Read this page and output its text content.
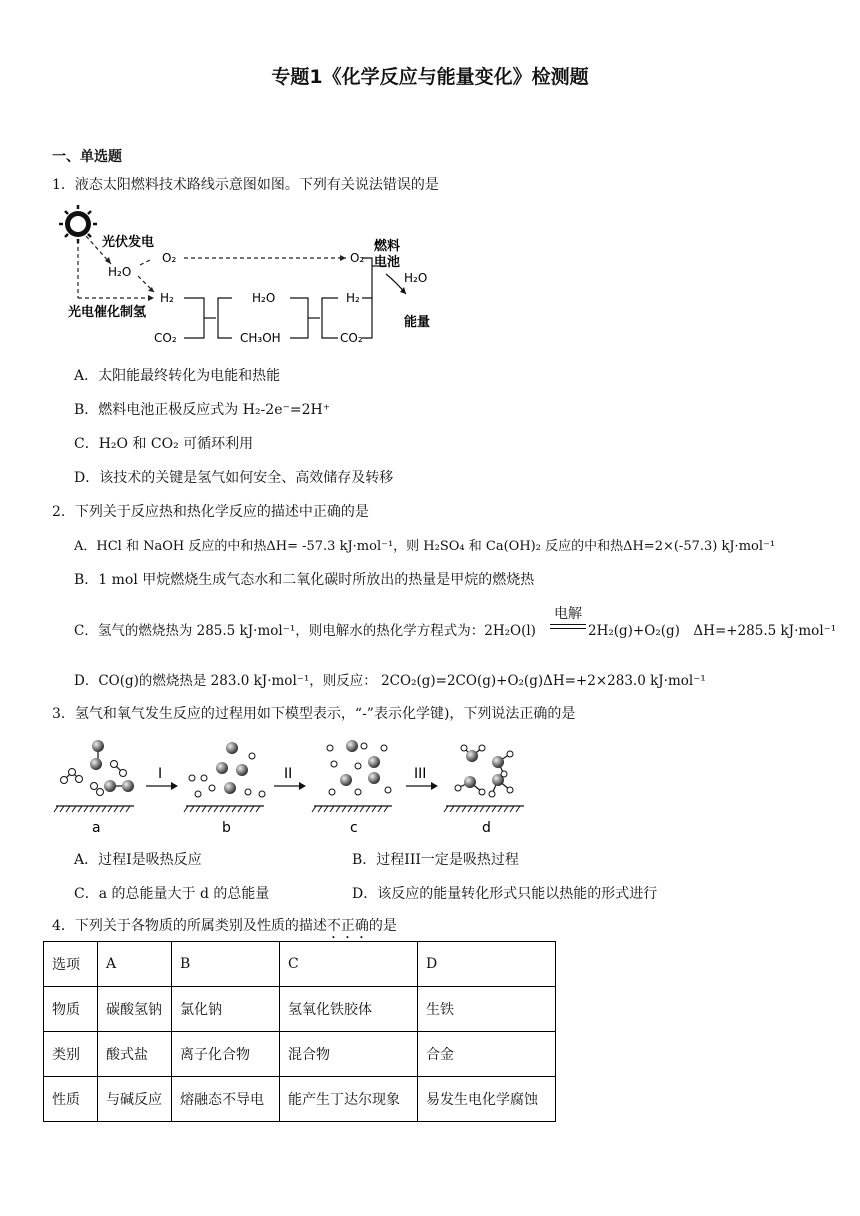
专题1《化学反应与能量变化》检测题
一、单选题
1．液态太阳燃料技术路线示意图如图。下列有关说法错误的是
光伏发电
H₂O
O₂
光电催化制氢
H₂
CO₂
H₂O
CH₃OH
H₂
CO₂
O₂
燃料
电池
H₂O
能量
A．太阳能最终转化为电能和热能
B．燃料电池正极反应式为 H₂-2e⁻=2H⁺
C．H₂O 和 CO₂ 可循环利用
D．该技术的关键是氢气如何安全、高效储存及转移
2．下列关于反应热和热化学反应的描述中正确的是
A．HCl 和 NaOH 反应的中和热ΔH= -57.3 kJ·mol⁻¹，则 H₂SO₄ 和 Ca(OH)₂ 反应的中和热ΔH=2×(-57.3) kJ·mol⁻¹
B．1 mol 甲烷燃烧生成气态水和二氧化碳时所放出的热量是甲烷的燃烧热
C．氢气的燃烧热为 285.5 kJ·mol⁻¹，则电解水的热化学方程式为：2H₂O(l)
电解
2H₂(g)+O₂(g)　ΔH=+285.5 kJ·mol⁻¹
D．CO(g)的燃烧热是 283.0 kJ·mol⁻¹，则反应： 2CO₂(g)=2CO(g)+O₂(g)ΔH=+2×283.0 kJ·mol⁻¹
3．氢气和氧气发生反应的过程用如下模型表示，“-”表示化学键)，下列说法正确的是
I	II	III
a	b	c	d
A．过程I是吸热反应	B．过程III一定是吸热过程
C．a 的总能量大于 d 的总能量	D．该反应的能量转化形式只能以热能的形式进行
4．下列关于各物质的所属类别及性质的描述不正确的是
选项	A	B	C	D
物质	碳酸氢钠	氯化钠	氢氧化铁胶体	生铁
类别	酸式盐	离子化合物	混合物	合金
性质	与碱反应	熔融态不导电	能产生丁达尔现象	易发生电化学腐蚀
